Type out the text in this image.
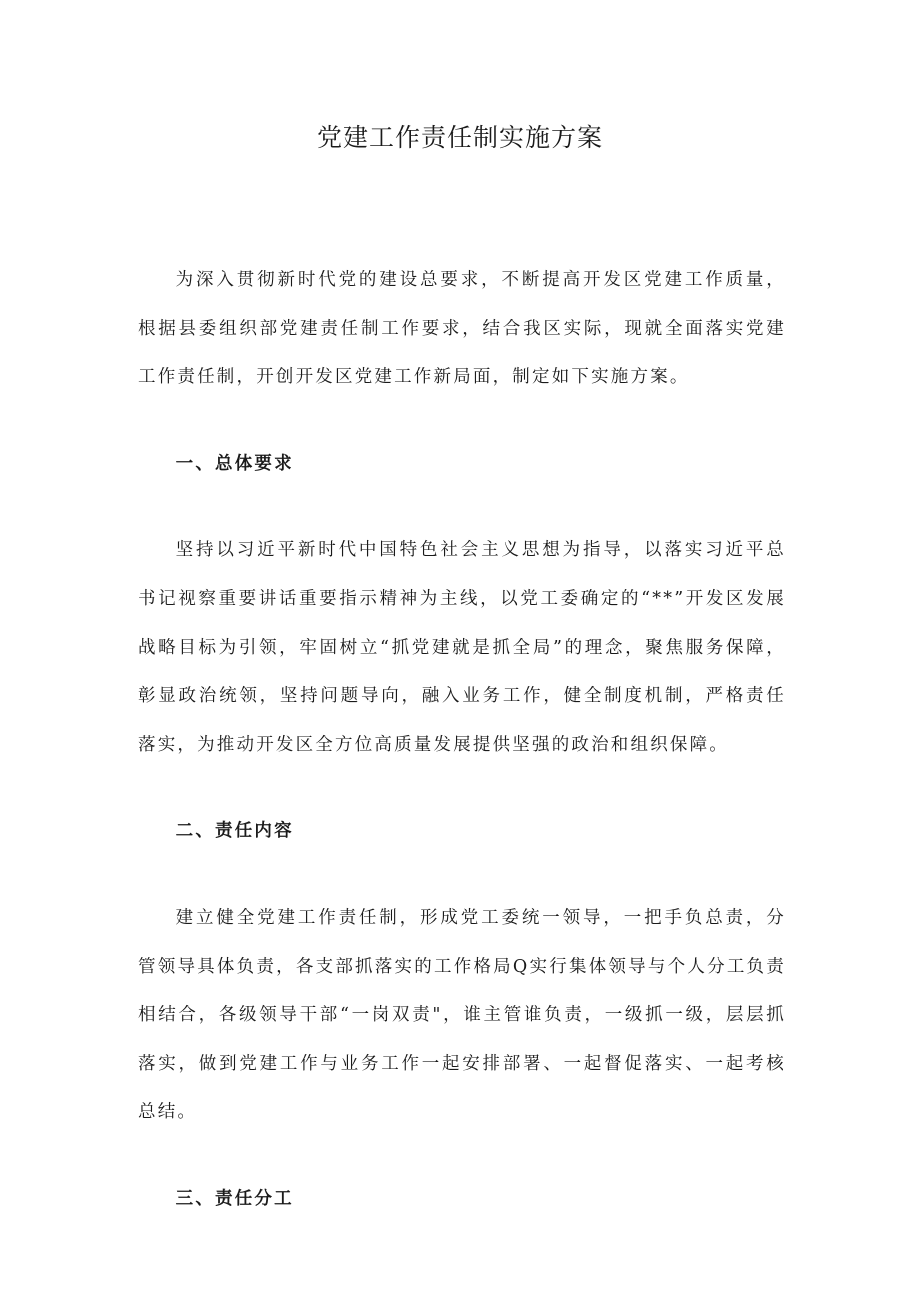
党建工作责任制实施方案

为深入贯彻新时代党的建设总要求，不断提高开发区党建工作质量，根据县委组织部党建责任制工作要求，结合我区实际，现就全面落实党建工作责任制，开创开发区党建工作新局面，制定如下实施方案。

一、总体要求

坚持以习近平新时代中国特色社会主义思想为指导，以落实习近平总书记视察重要讲话重要指示精神为主线，以党工委确定的“**”开发区发展战略目标为引领，牢固树立“抓党建就是抓全局”的理念，聚焦服务保障，彰显政治统领，坚持问题导向，融入业务工作，健全制度机制，严格责任落实，为推动开发区全方位高质量发展提供坚强的政治和组织保障。

二、责任内容

建立健全党建工作责任制，形成党工委统一领导，一把手负总责，分管领导具体负责，各支部抓落实的工作格局Q实行集体领导与个人分工负责相结合，各级领导干部“一岗双责"，谁主管谁负责，一级抓一级，层层抓落实，做到党建工作与业务工作一起安排部署、一起督促落实、一起考核总结。

三、责任分工
